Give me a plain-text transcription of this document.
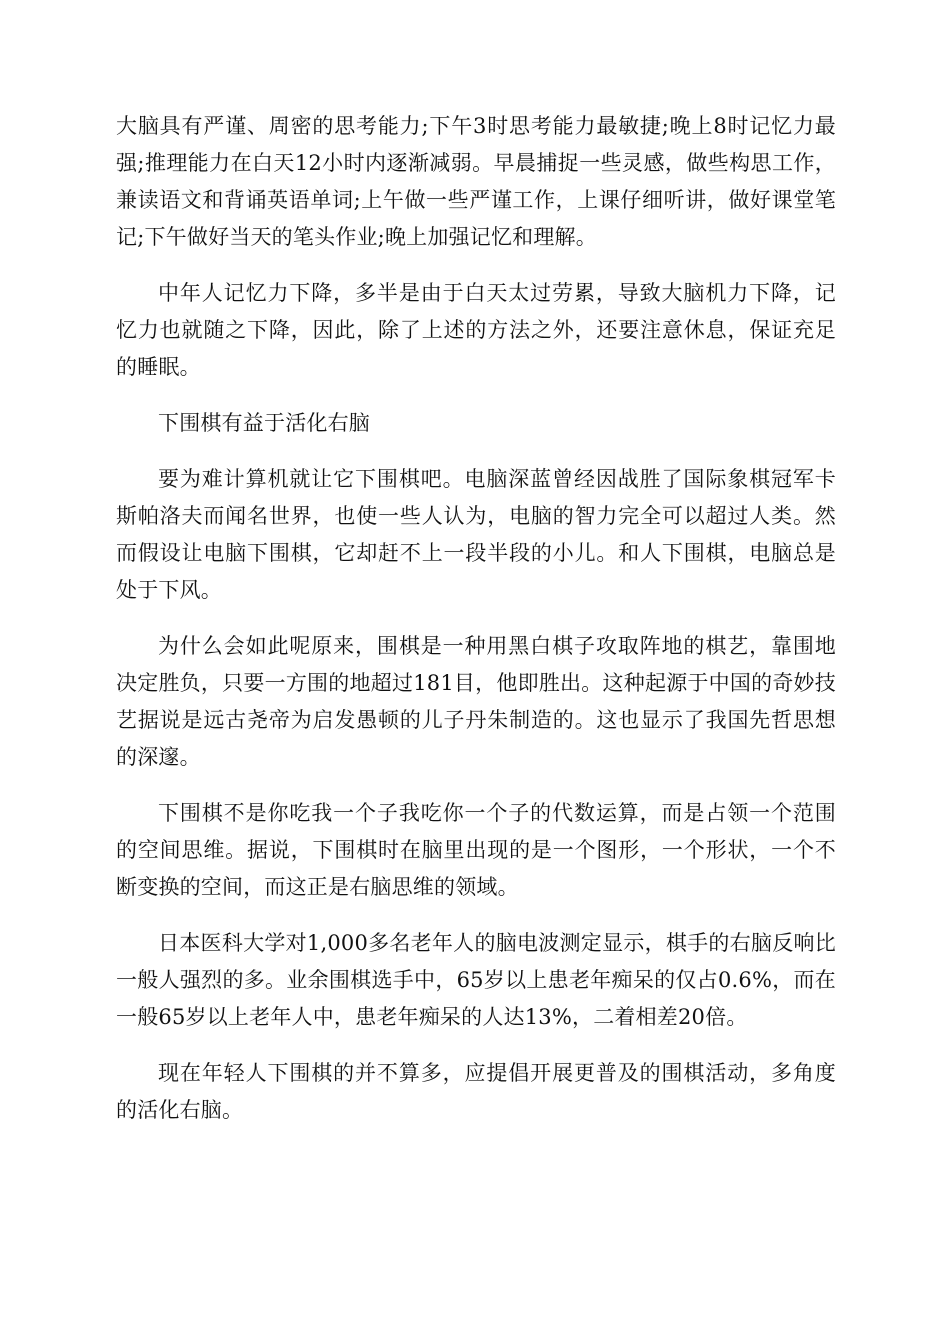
大脑具有严谨、周密的思考能力;下午3时思考能力最敏捷;晚上8时记忆力最强;推理能力在白天12小时内逐渐减弱。早晨捕捉一些灵感，做些构思工作，兼读语文和背诵英语单词;上午做一些严谨工作，上课仔细听讲，做好课堂笔记;下午做好当天的笔头作业;晚上加强记忆和理解。

中年人记忆力下降，多半是由于白天太过劳累，导致大脑机力下降，记忆力也就随之下降，因此，除了上述的方法之外，还要注意休息，保证充足的睡眠。

下围棋有益于活化右脑

要为难计算机就让它下围棋吧。电脑深蓝曾经因战胜了国际象棋冠军卡斯帕洛夫而闻名世界，也使一些人认为，电脑的智力完全可以超过人类。然而假设让电脑下围棋，它却赶不上一段半段的小儿。和人下围棋，电脑总是处于下风。

为什么会如此呢原来，围棋是一种用黑白棋子攻取阵地的棋艺，靠围地决定胜负，只要一方围的地超过181目，他即胜出。这种起源于中国的奇妙技艺据说是远古尧帝为启发愚顿的儿子丹朱制造的。这也显示了我国先哲思想的深邃。

下围棋不是你吃我一个子我吃你一个子的代数运算，而是占领一个范围的空间思维。据说，下围棋时在脑里出现的是一个图形，一个形状，一个不断变换的空间，而这正是右脑思维的领域。

日本医科大学对1,000多名老年人的脑电波测定显示，棋手的右脑反响比一般人强烈的多。业余围棋选手中，65岁以上患老年痴呆的仅占0.6%，而在一般65岁以上老年人中，患老年痴呆的人达13%，二着相差20倍。

现在年轻人下围棋的并不算多，应提倡开展更普及的围棋活动，多角度的活化右脑。
